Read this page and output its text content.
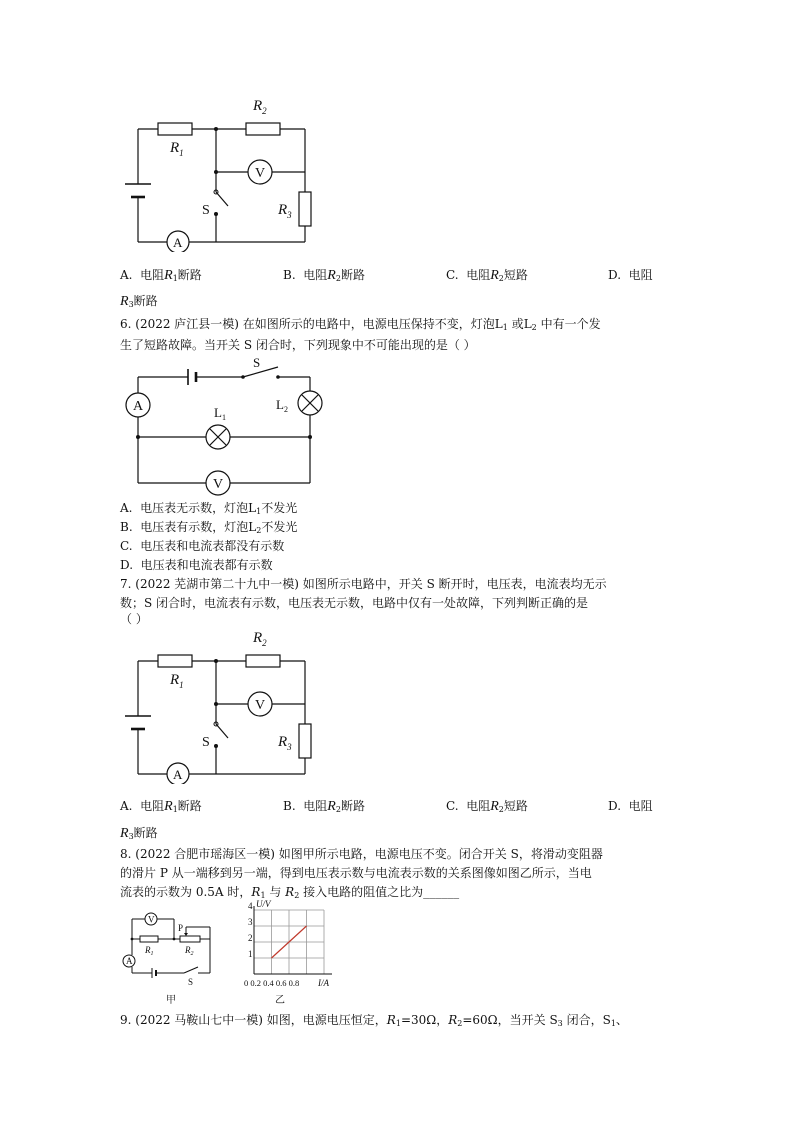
$R_1$
$R_2$
$R_3$
S
V
A
A. 电阻$R_1$断路	B. 电阻$R_2$断路	C. 电阻$R_2$短路	D. 电阻
$R_3$断路
6. (2022 庐江县一模) 在如图所示的电路中，电源电压保持不变，灯泡$L_1$ 或$L_2$ 中有一个发
生了短路故障。当开关 S 闭合时，下列现象中不可能出现的是（ ）
S
A
V
$L_1$
$L_2$
A. 电压表无示数，灯泡$L_1$不发光
B. 电压表有示数，灯泡$L_2$不发光
C. 电压表和电流表都没有示数
D. 电压表和电流表都有示数
7. (2022 芜湖市第二十九中一模) 如图所示电路中，开关 S 断开时，电压表，电流表均无示
数；S 闭合时，电流表有示数，电压表无示数，电路中仅有一处故障，下列判断正确的是
（ ）
$R_1$
$R_2$
$R_3$
S
V
A
A. 电阻$R_1$断路	B. 电阻$R_2$断路	C. 电阻$R_2$短路	D. 电阻
$R_3$断路
8. (2022 合肥市瑶海区一模) 如图甲所示电路，电源电压不变。闭合开关 S，将滑动变阻器
的滑片 P 从一端移到另一端，得到电压表示数与电流表示数的关系图像如图乙所示，当电
流表的示数为 0.5A 时，$R_1$ 与 $R_2$ 接入电路的阻值之比为______
V
A
P
$R_1$	$R_2$
S
甲
4
3
2
1
U/V
0 0.2 0.4 0.6 0.8 I/A
乙
9. (2022 马鞍山七中一模) 如图，电源电压恒定，$R_1=30\Omega$，$R_2=60\Omega$，当开关 $S_3$ 闭合，$S_1$、
